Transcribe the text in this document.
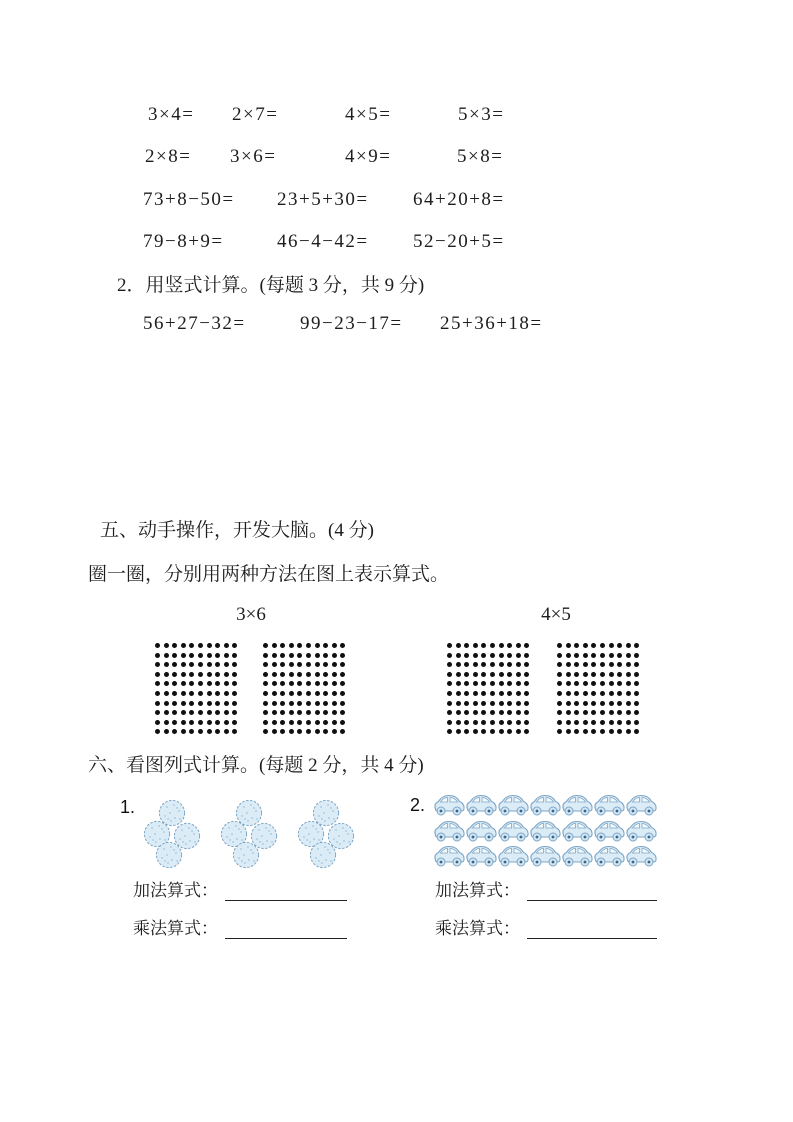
3×4= 2×7=	4×5=	5×3=
2×8= 3×6=	4×9=	5×8=
73+8−50= 23+5+30= 64+20+8=
79−8+9=	46−4−42= 52−20+5=
2．用竖式计算。(每题 3 分，共 9 分)
56+27−32=	99−23−17= 25+36+18=
五、动手操作，开发大脑。(4 分)
圈一圈，分别用两种方法在图上表示算式。
3×6	4×5
六、看图列式计算。(每题 2 分，共 4 分)
1.	2.
加法算式：
乘法算式：
加法算式：
乘法算式：
